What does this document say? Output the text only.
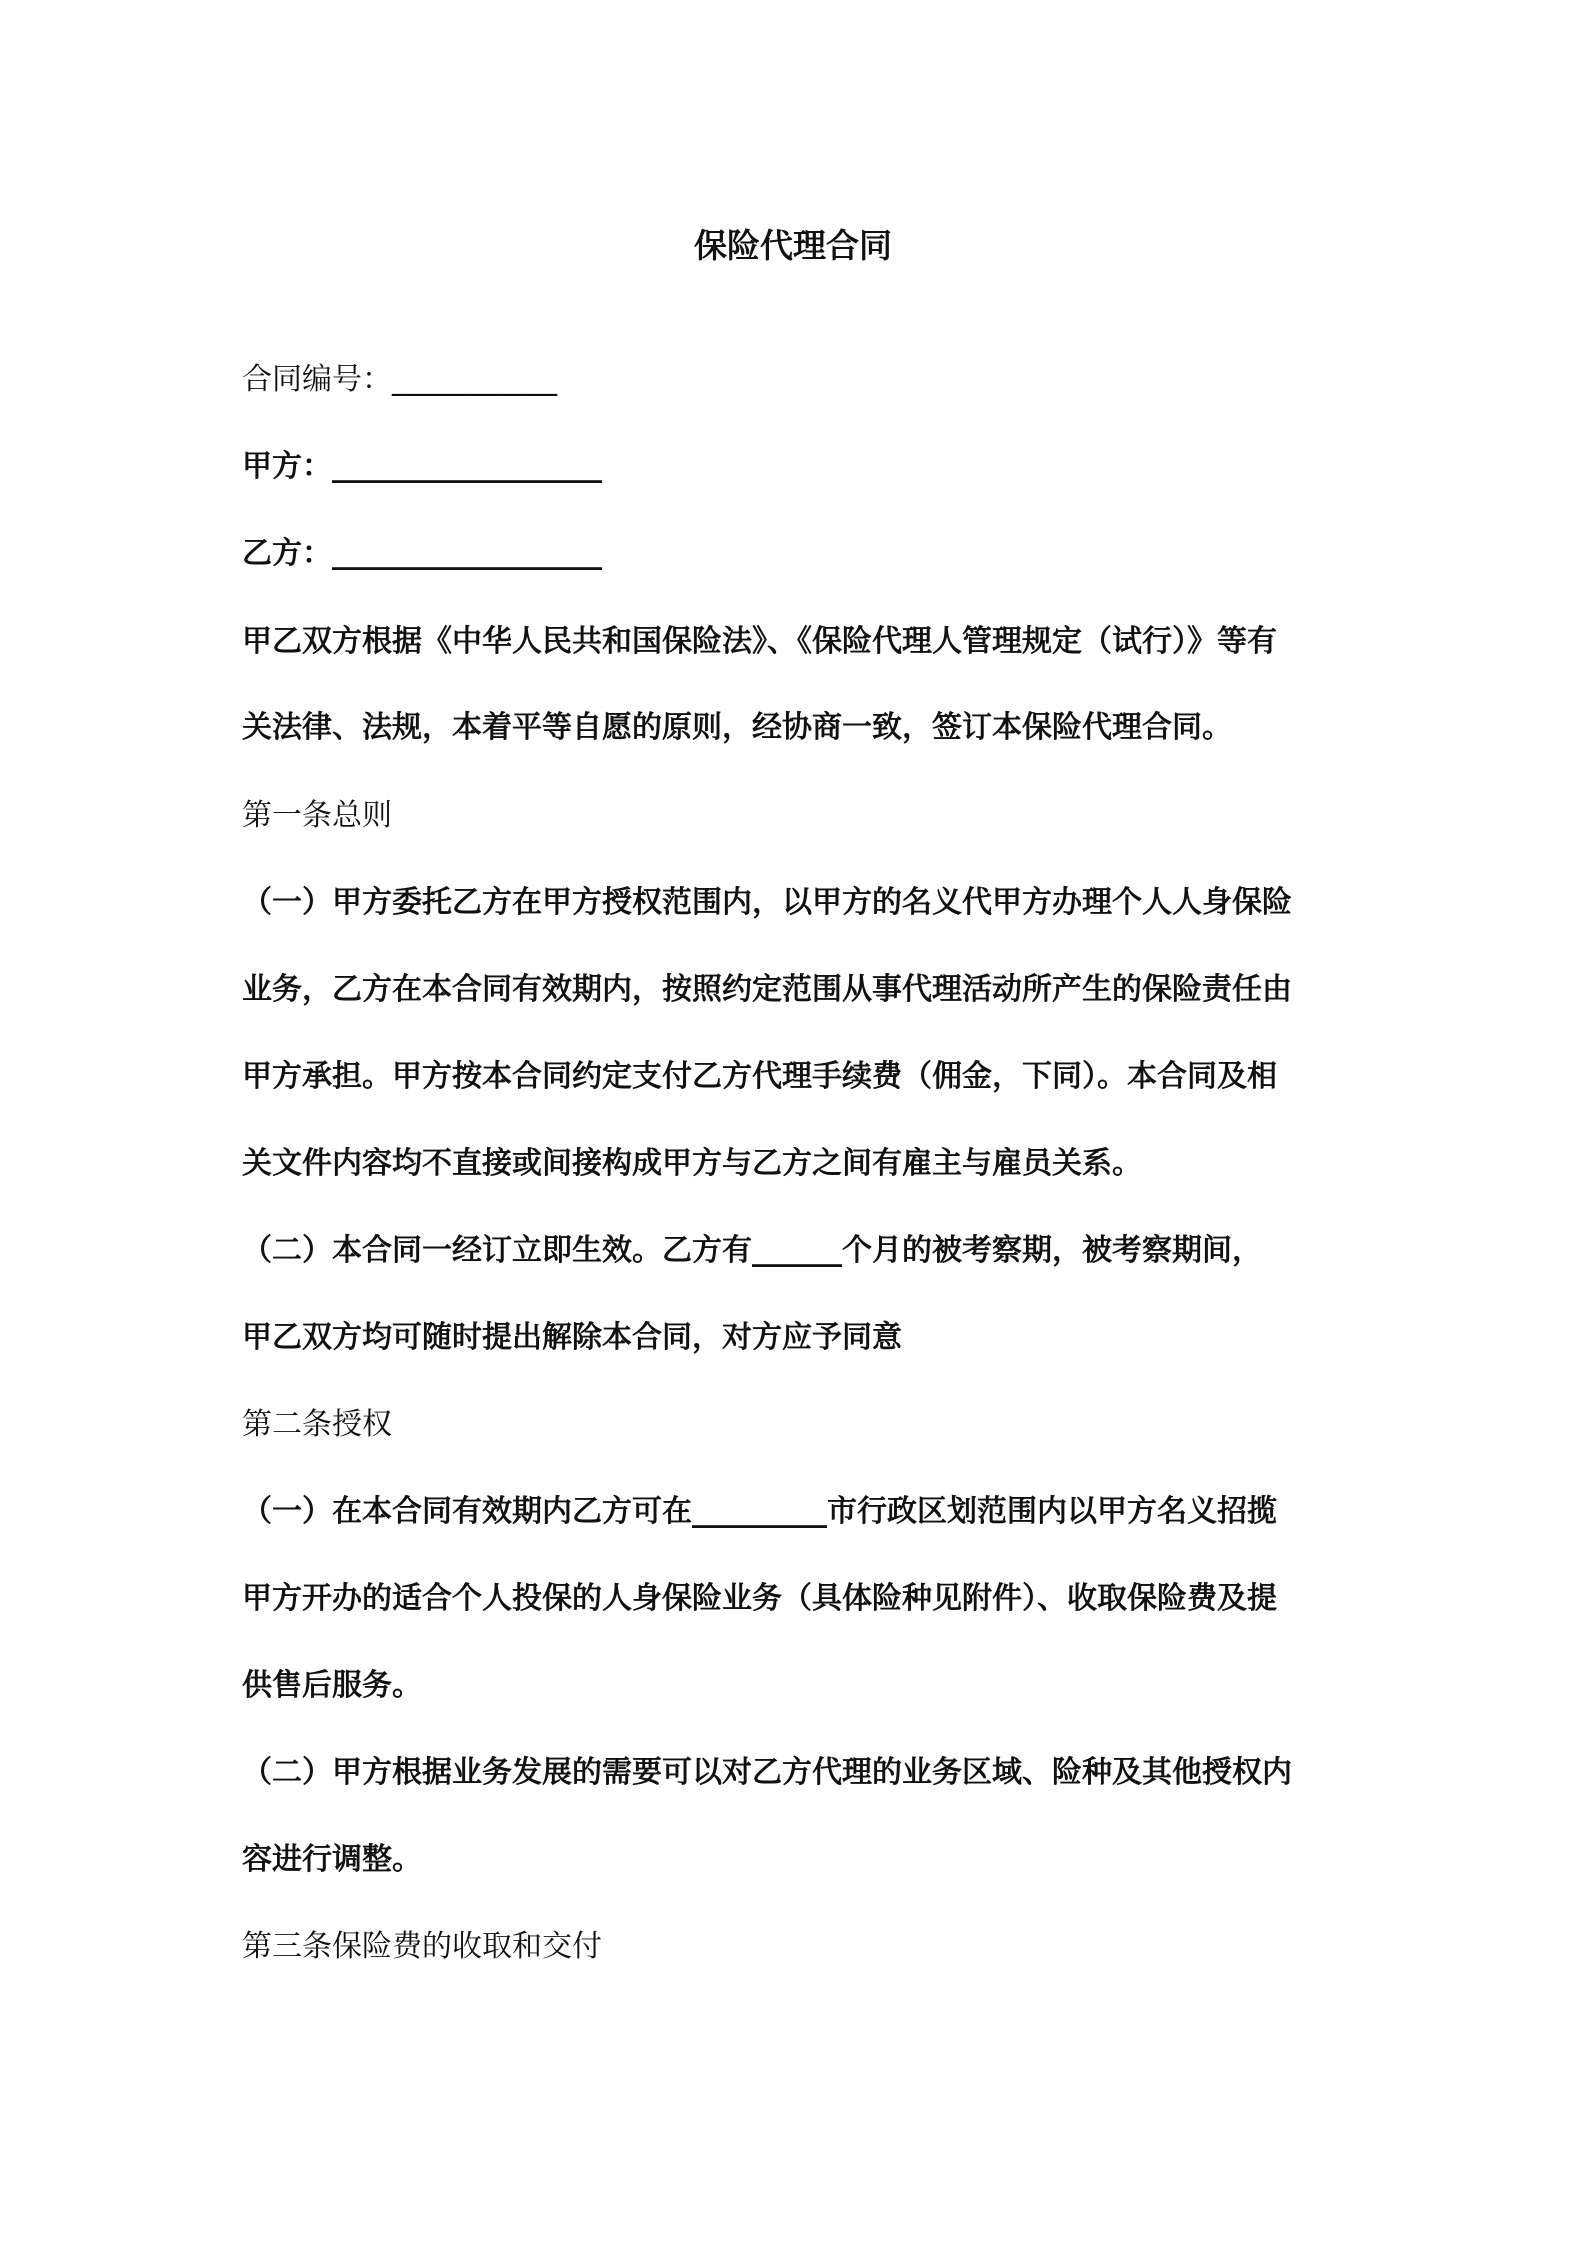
保险代理合同
合同编号：___________
甲方：__________________
乙方：__________________
甲乙双方根据《中华人民共和国保险法》、《保险代理人管理规定（试行）》等有
关法律、法规，本着平等自愿的原则，经协商一致，签订本保险代理合同。
第一条总则
（一）甲方委托乙方在甲方授权范围内，以甲方的名义代甲方办理个人人身保险
业务，乙方在本合同有效期内，按照约定范围从事代理活动所产生的保险责任由
甲方承担。甲方按本合同约定支付乙方代理手续费（佣金，下同）。本合同及相
关文件内容均不直接或间接构成甲方与乙方之间有雇主与雇员关系。
（二）本合同一经订立即生效。乙方有______个月的被考察期，被考察期间，
甲乙双方均可随时提出解除本合同，对方应予同意
第二条授权
（一）在本合同有效期内乙方可在_________市行政区划范围内以甲方名义招揽
甲方开办的适合个人投保的人身保险业务（具体险种见附件）、收取保险费及提
供售后服务。
（二）甲方根据业务发展的需要可以对乙方代理的业务区域、险种及其他授权内
容进行调整。
第三条保险费的收取和交付
